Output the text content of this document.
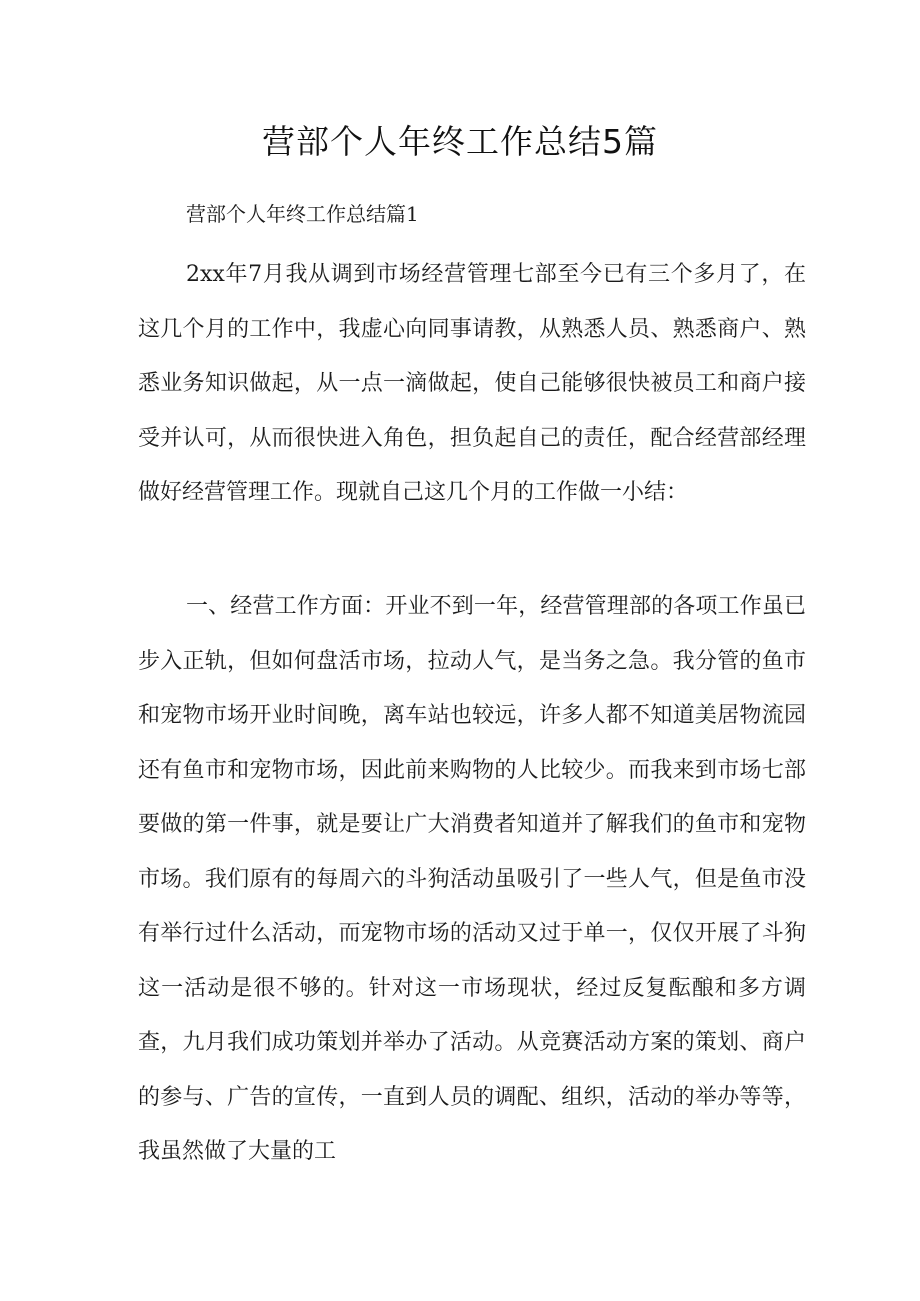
营部个人年终工作总结5篇

营部个人年终工作总结篇1

2xx年7月我从调到市场经营管理七部至今已有三个多月了，在这几个月的工作中，我虚心向同事请教，从熟悉人员、熟悉商户、熟悉业务知识做起，从一点一滴做起，使自己能够很快被员工和商户接受并认可，从而很快进入角色，担负起自己的责任，配合经营部经理做好经营管理工作。现就自己这几个月的工作做一小结：

一、经营工作方面：开业不到一年，经营管理部的各项工作虽已步入正轨，但如何盘活市场，拉动人气，是当务之急。我分管的鱼市和宠物市场开业时间晚，离车站也较远，许多人都不知道美居物流园还有鱼市和宠物市场，因此前来购物的人比较少。而我来到市场七部要做的第一件事，就是要让广大消费者知道并了解我们的鱼市和宠物市场。我们原有的每周六的斗狗活动虽吸引了一些人气，但是鱼市没有举行过什么活动，而宠物市场的活动又过于单一，仅仅开展了斗狗这一活动是很不够的。针对这一市场现状，经过反复酝酿和多方调查，九月我们成功策划并举办了活动。从竞赛活动方案的策划、商户的参与、广告的宣传，一直到人员的调配、组织，活动的举办等等，我虽然做了大量的工
